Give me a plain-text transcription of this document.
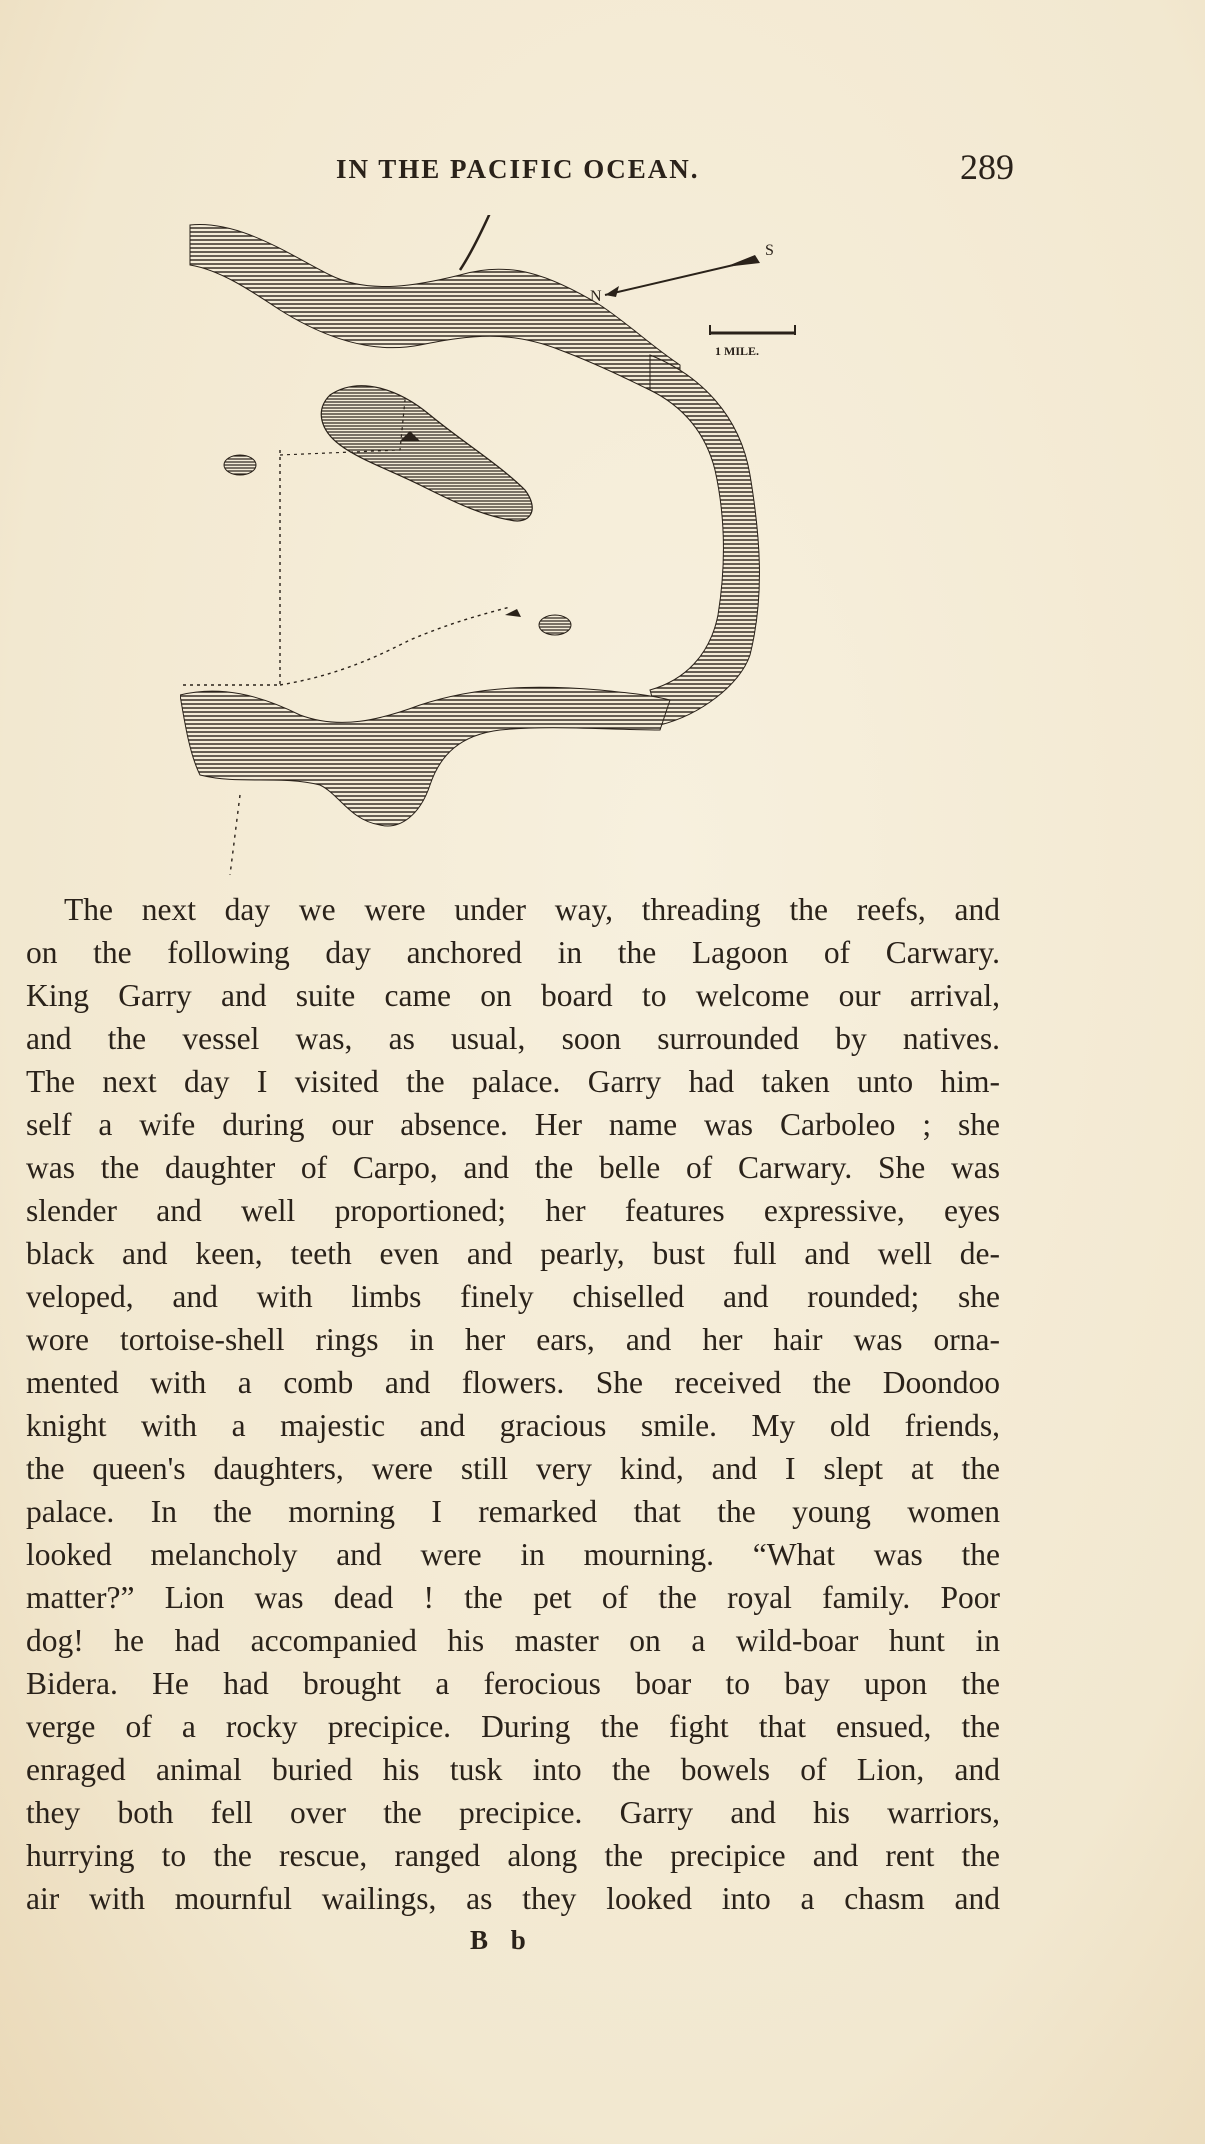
IN THE PACIFIC OCEAN.	289
N
S
1 MILE.
The next day we were under way, threading the reefs, and
on the following day anchored in the Lagoon of Carwary.
King Garry and suite came on board to welcome our arrival,
and the vessel was, as usual, soon surrounded by natives.
The next day I visited the palace. Garry had taken unto him-
self a wife during our absence. Her name was Carboleo ; she
was the daughter of Carpo, and the belle of Carwary. She was
slender and well proportioned; her features expressive, eyes
black and keen, teeth even and pearly, bust full and well de-
veloped, and with limbs finely chiselled and rounded; she
wore tortoise-shell rings in her ears, and her hair was orna-
mented with a comb and flowers. She received the Doondoo
knight with a majestic and gracious smile. My old friends,
the queen's daughters, were still very kind, and I slept at the
palace. In the morning I remarked that the young women
looked melancholy and were in mourning. “What was the
matter?” Lion was dead ! the pet of the royal family. Poor
dog! he had accompanied his master on a wild-boar hunt in
Bidera. He had brought a ferocious boar to bay upon the
verge of a rocky precipice. During the fight that ensued, the
enraged animal buried his tusk into the bowels of Lion, and
they both fell over the precipice. Garry and his warriors,
hurrying to the rescue, ranged along the precipice and rent the
air with mournful wailings, as they looked into a chasm and
B b
